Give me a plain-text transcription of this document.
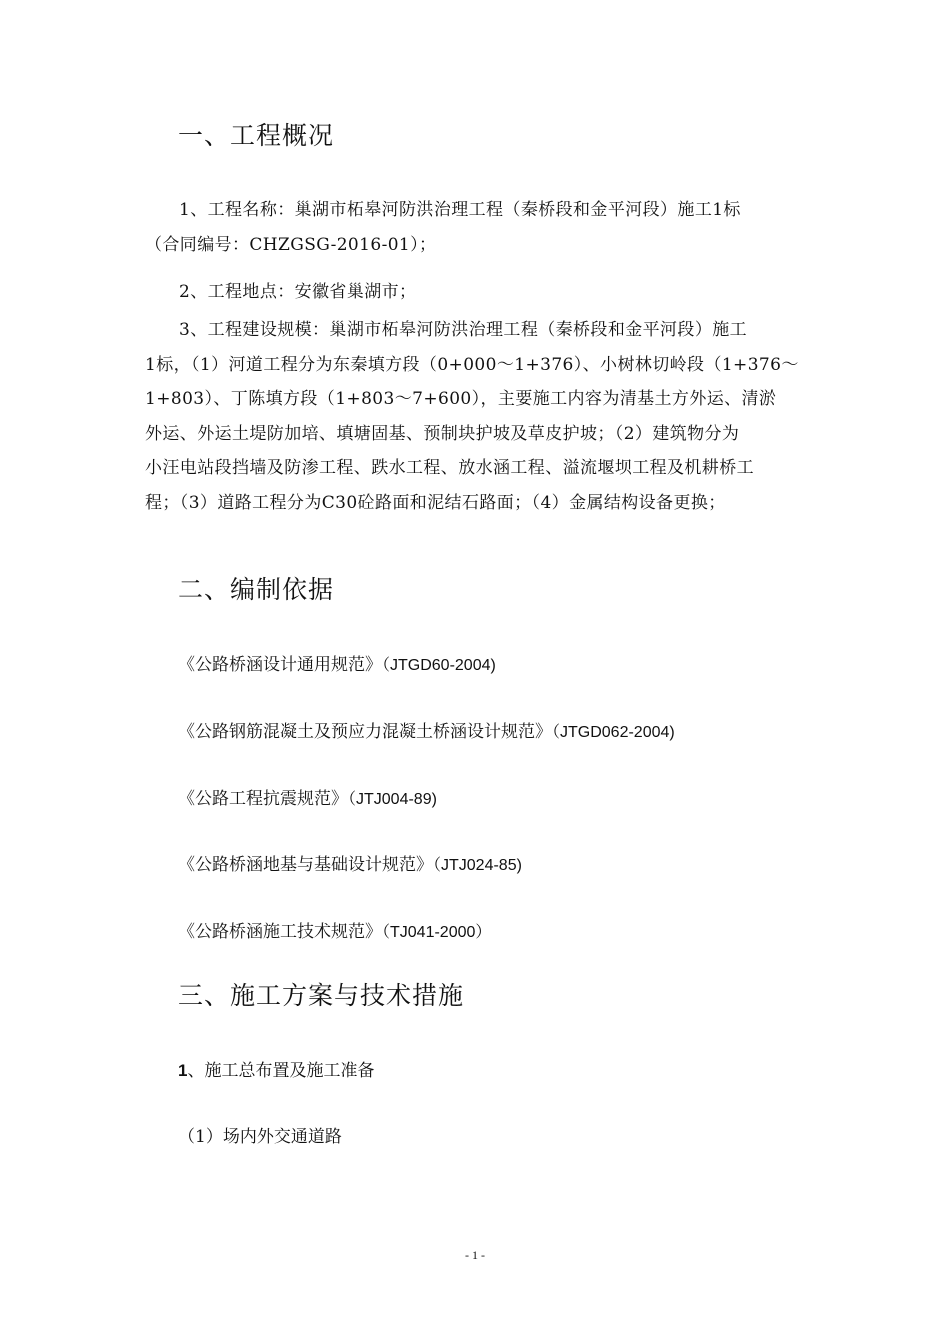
一、工程概况
1、工程名称：巢湖市柘皋河防洪治理工程（秦桥段和金平河段）施工1标
（合同编号：CHZGSG-2016-01）；
2、工程地点：安徽省巢湖市；
3、工程建设规模：巢湖市柘皋河防洪治理工程（秦桥段和金平河段）施工
1标，（1）河道工程分为东秦填方段（0+000～1+376）、小树林切岭段（1+376～
1+803）、丁陈填方段（1+803～7+600），主要施工内容为清基土方外运、清淤
外运、外运土堤防加培、填塘固基、预制块护坡及草皮护坡；（2）建筑物分为
小汪电站段挡墙及防渗工程、跌水工程、放水涵工程、溢流堰坝工程及机耕桥工
程；（3）道路工程分为C30砼路面和泥结石路面；（4）金属结构设备更换；
二、编制依据
《公路桥涵设计通用规范》（JTGD60-2004)
《公路钢筋混凝土及预应力混凝土桥涵设计规范》（JTGD062-2004)
《公路工程抗震规范》（JTJ004-89)
《公路桥涵地基与基础设计规范》（JTJ024-85)
《公路桥涵施工技术规范》（TJ041-2000）
三、施工方案与技术措施
1、施工总布置及施工准备
（1）场内外交通道路
- 1 -
